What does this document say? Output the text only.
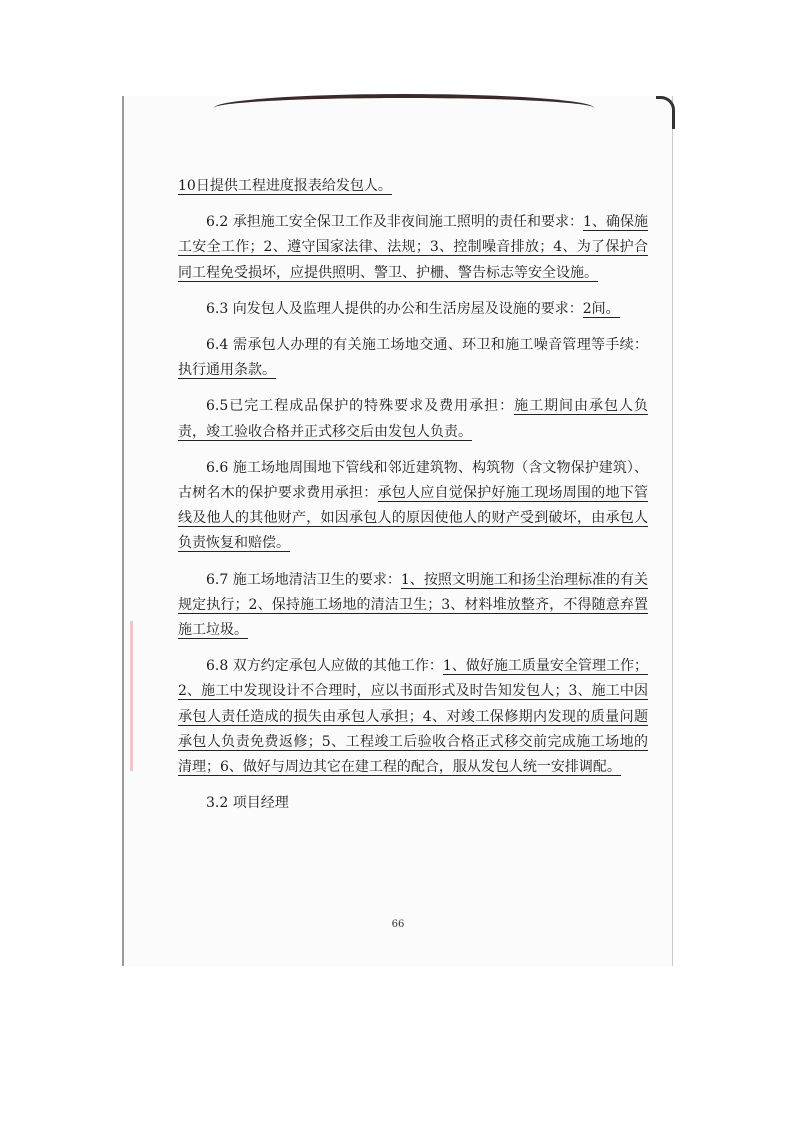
10日提供工程进度报表给发包人。

6.2 承担施工安全保卫工作及非夜间施工照明的责任和要求：1、确保施工安全工作；2、遵守国家法律、法规；3、控制噪音排放；4、为了保护合同工程免受损坏，应提供照明、警卫、护栅、警告标志等安全设施。

6.3 向发包人及监理人提供的办公和生活房屋及设施的要求：2间。

6.4 需承包人办理的有关施工场地交通、环卫和施工噪音管理等手续：执行通用条款。

6.5已完工程成品保护的特殊要求及费用承担：施工期间由承包人负责，竣工验收合格并正式移交后由发包人负责。

6.6 施工场地周围地下管线和邻近建筑物、构筑物（含文物保护建筑）、古树名木的保护要求费用承担：承包人应自觉保护好施工现场周围的地下管线及他人的其他财产，如因承包人的原因使他人的财产受到破坏，由承包人负责恢复和赔偿。

6.7 施工场地清洁卫生的要求：1、按照文明施工和扬尘治理标准的有关规定执行；2、保持施工场地的清洁卫生；3、材料堆放整齐，不得随意弃置施工垃圾。

6.8 双方约定承包人应做的其他工作：1、做好施工质量安全管理工作；2、施工中发现设计不合理时，应以书面形式及时告知发包人；3、施工中因承包人责任造成的损失由承包人承担；4、对竣工保修期内发现的质量问题承包人负责免费返修；5、工程竣工后验收合格正式移交前完成施工场地的清理；6、做好与周边其它在建工程的配合，服从发包人统一安排调配。

3.2 项目经理

66
